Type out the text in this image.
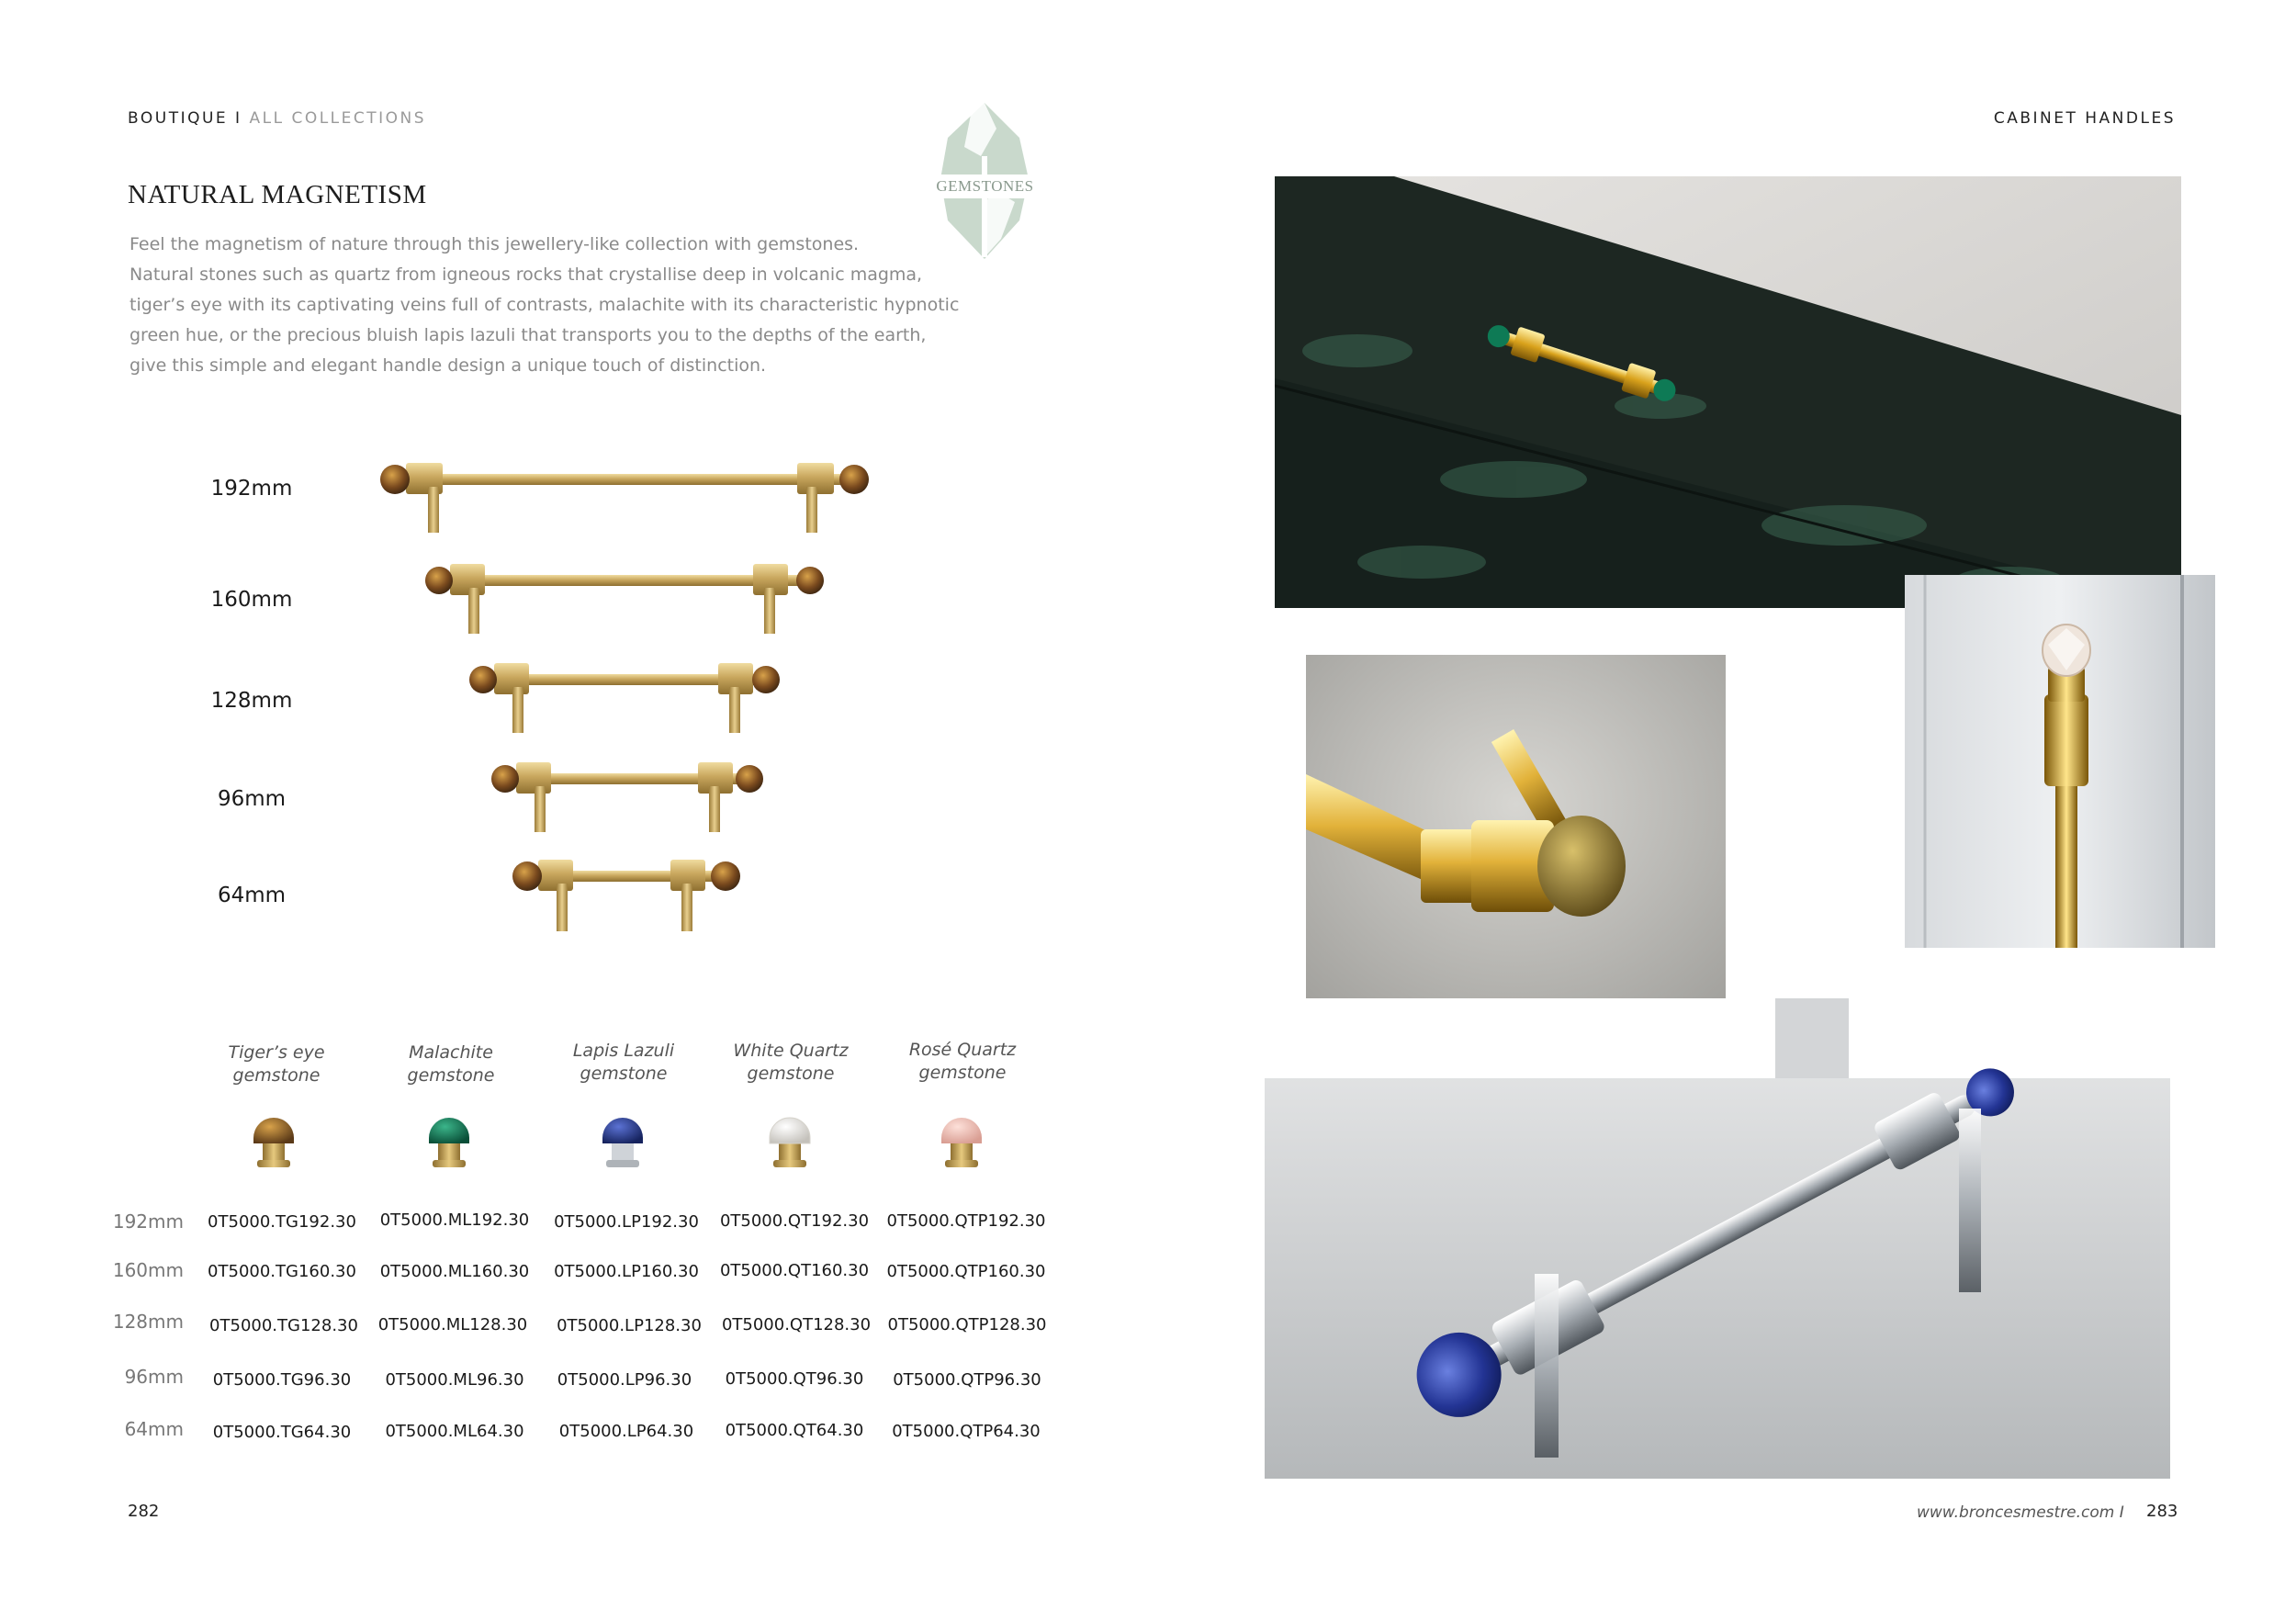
BOUTIQUE I ALL COLLECTIONS	CABINET HANDLES
GEMSTONES
NATURAL MAGNETISM
Feel the magnetism of nature through this jewellery-like collection with gemstones.
Natural stones such as quartz from igneous rocks that crystallise deep in volcanic magma,
tiger’s eye with its captivating veins full of contrasts, malachite with its characteristic hypnotic
green hue, or the precious bluish lapis lazuli that transports you to the depths of the earth,
give this simple and elegant handle design a unique touch of distinction.
192mm
160mm
128mm
96mm
64mm
Tiger’s eye
gemstone
Malachite
gemstone
Lapis Lazuli
gemstone
White Quartz
gemstone
Rosé Quartz
gemstone
192mm	0T5000.TG192.30	0T5000.ML192.30	0T5000.LP192.30	0T5000.QT192.30	0T5000.QTP192.30
160mm	0T5000.TG160.30	0T5000.ML160.30	0T5000.LP160.30	0T5000.QT160.30	0T5000.QTP160.30
128mm	0T5000.TG128.30	0T5000.ML128.30	0T5000.LP128.30	0T5000.QT128.30	0T5000.QTP128.30
96mm	0T5000.TG96.30	0T5000.ML96.30	0T5000.LP96.30	0T5000.QT96.30	0T5000.QTP96.30
64mm	0T5000.TG64.30	0T5000.ML64.30	0T5000.LP64.30	0T5000.QT64.30	0T5000.QTP64.30
282	www.broncesmestre.com I 283
